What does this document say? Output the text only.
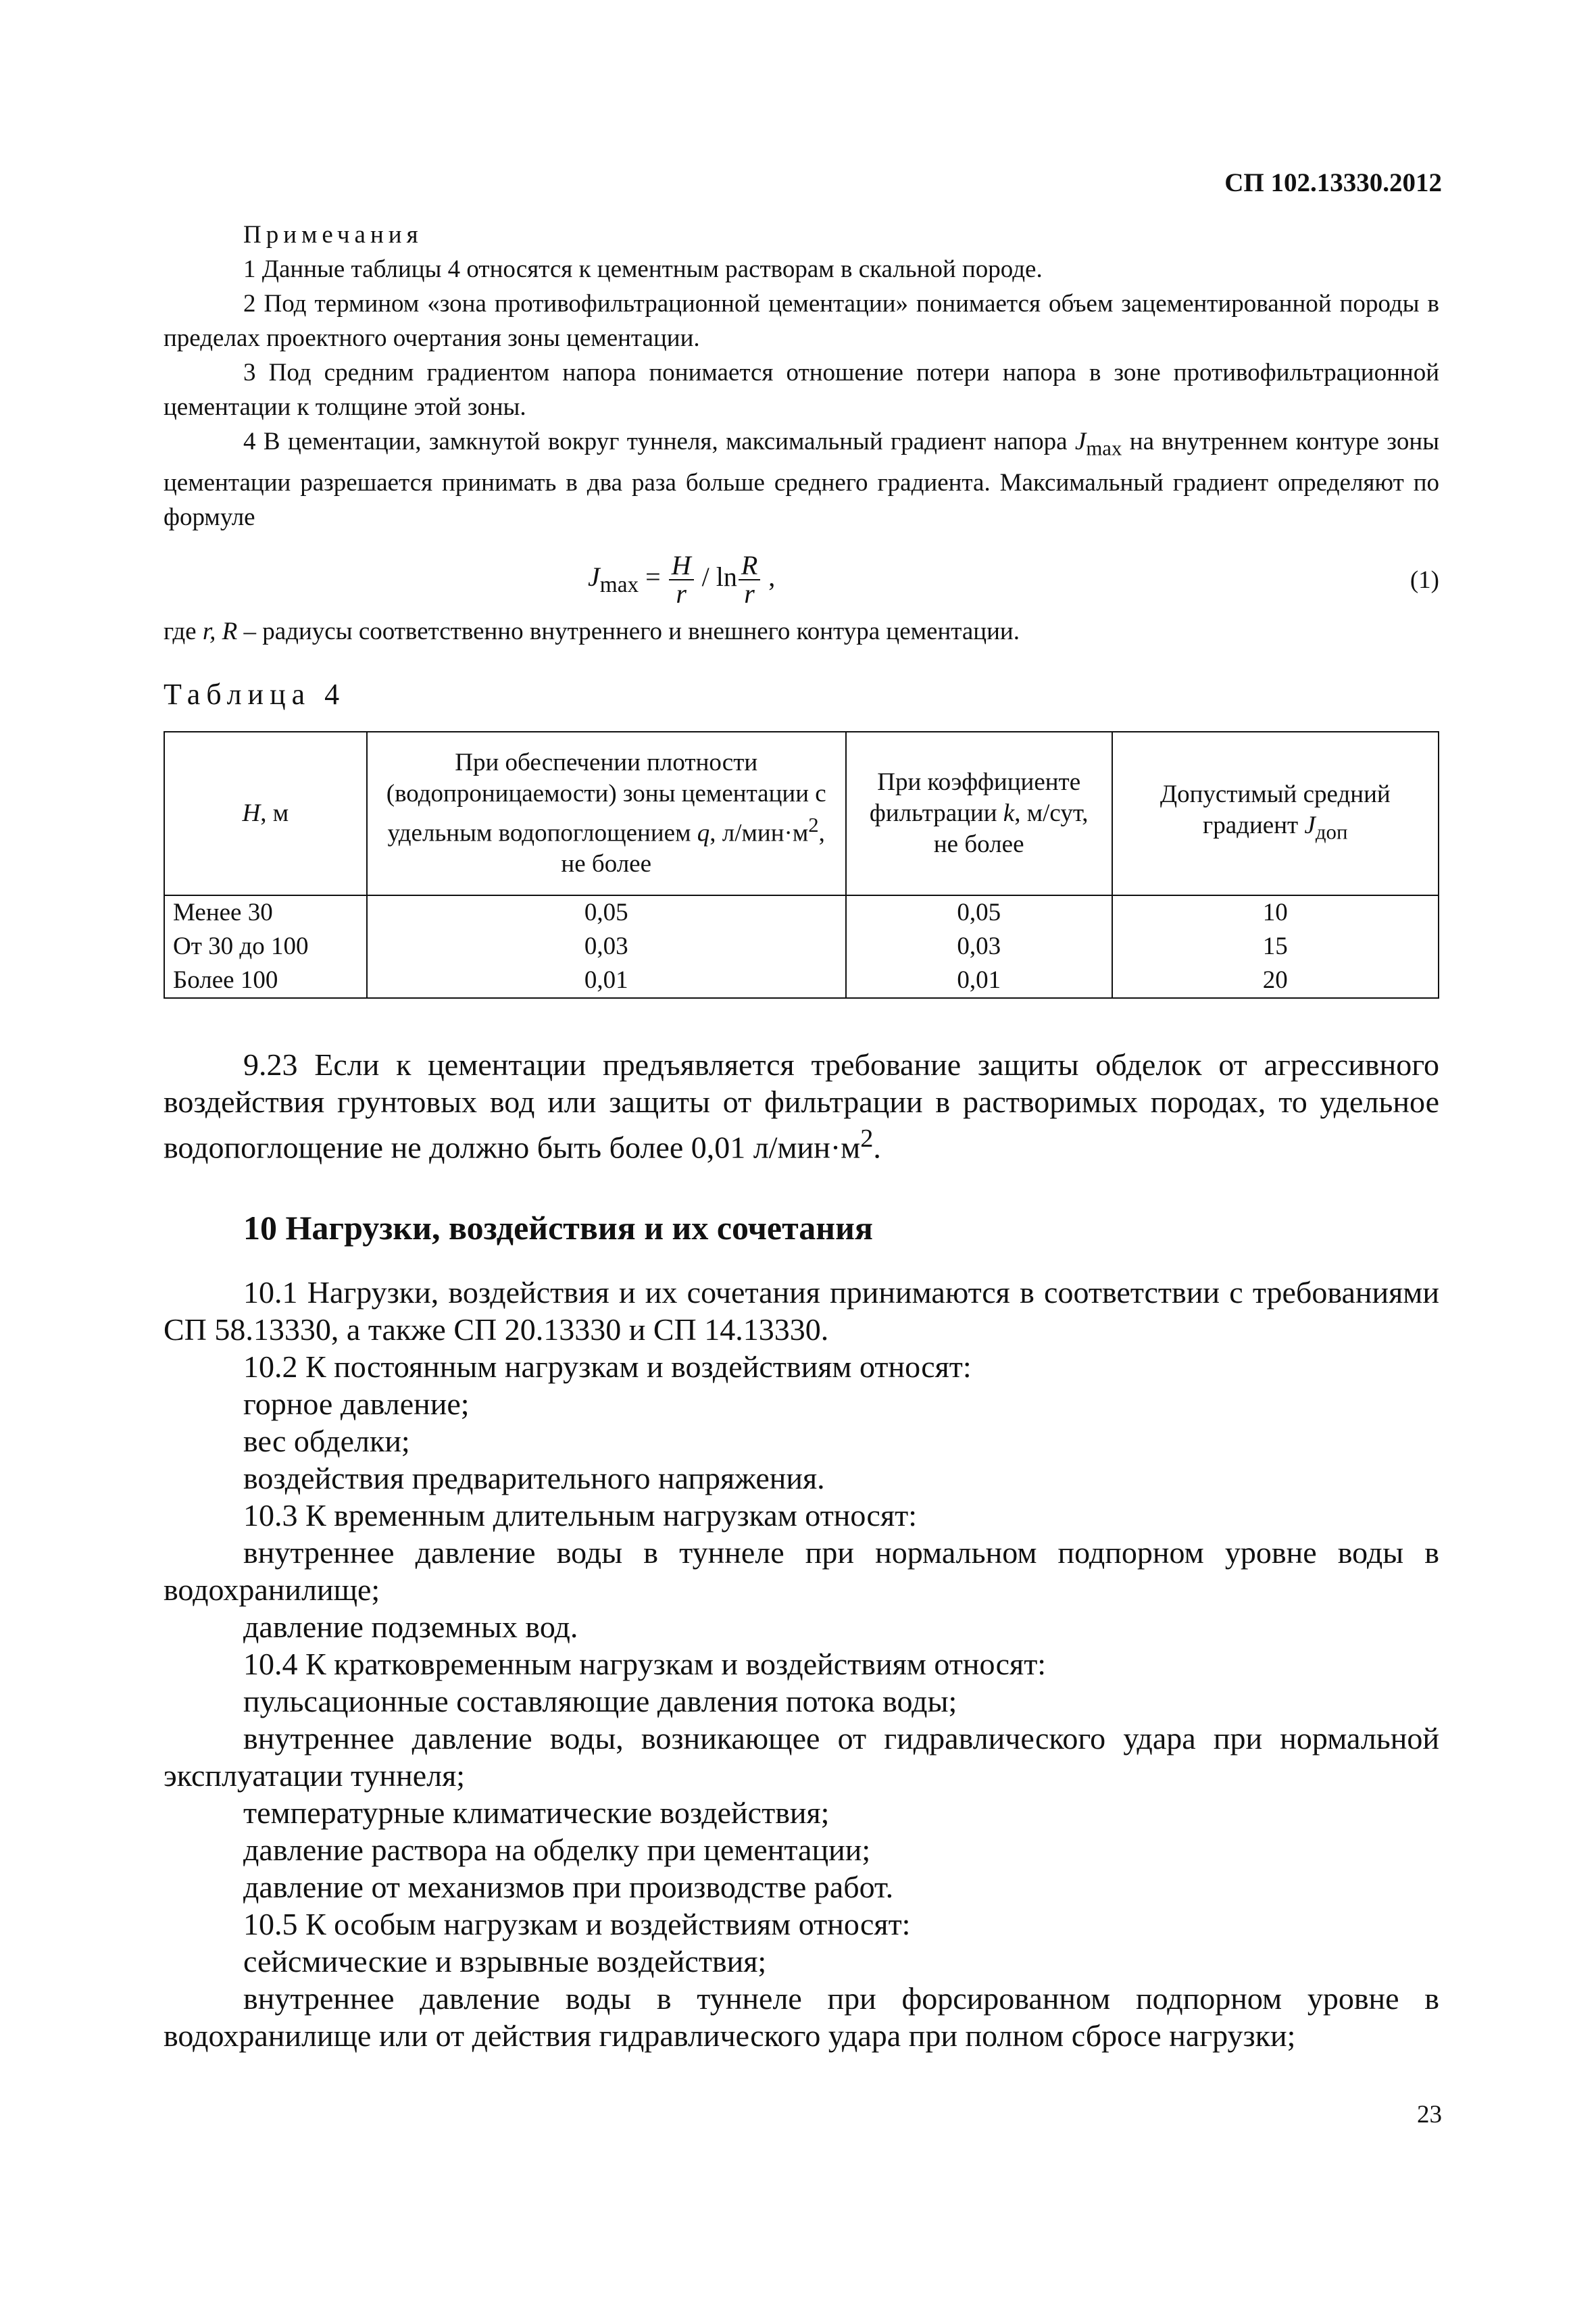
СП 102.13330.2012

Примечания

1 Данные таблицы 4 относятся к цементным растворам в скальной породе.

2 Под термином «зона противофильтрационной цементации» понимается объем зацементированной породы в пределах проектного очертания зоны цементации.

3 Под средним градиентом напора понимается отношение потери напора в зоне противофильтрационной цементации к толщине этой зоны.

4 В цементации, замкнутой вокруг туннеля, максимальный градиент напора $J_{max}$ на внутреннем контуре зоны цементации разрешается принимать в два раза больше среднего градиента. Максимальный градиент определяют по формуле

$J_{max} = \frac{H}{r} / \ln \frac{R}{r}$ ,	(1)

где r, R – радиусы соответственно внутреннего и внешнего контура цементации.

Таблица 4
H, м	При обеспечении плотности (водопроницаемости) зоны цементации с удельным водопоглощением q, $л/мин\cdot м^2$, не более	При коэффициенте фильтрации k, м/сут, не более	Допустимый средний градиент $J_{доп}$
Менее 30	0,05	0,05	10
От 30 до 100	0,03	0,03	15
Более 100	0,01	0,01	20

9.23 Если к цементации предъявляется требование защиты обделок от агрессивного воздействия грунтовых вод или защиты от фильтрации в растворимых породах, то удельное водопоглощение не должно быть более 0,01 $л/мин\cdot м^2$.

10 Нагрузки, воздействия и их сочетания

10.1 Нагрузки, воздействия и их сочетания принимаются в соответствии с требованиями СП 58.13330, а также СП 20.13330 и СП 14.13330.

10.2 К постоянным нагрузкам и воздействиям относят:

горное давление;

вес обделки;

воздействия предварительного напряжения.

10.3 К временным длительным нагрузкам относят:

внутреннее давление воды в туннеле при нормальном подпорном уровне воды в водохранилище;

давление подземных вод.

10.4 К кратковременным нагрузкам и воздействиям относят:

пульсационные составляющие давления потока воды;

внутреннее давление воды, возникающее от гидравлического удара при нормальной эксплуатации туннеля;

температурные климатические воздействия;

давление раствора на обделку при цементации;

давление от механизмов при производстве работ.

10.5 К особым нагрузкам и воздействиям относят:

сейсмические и взрывные воздействия;

внутреннее давление воды в туннеле при форсированном подпорном уровне в водохранилище или от действия гидравлического удара при полном сбросе нагрузки;

23
